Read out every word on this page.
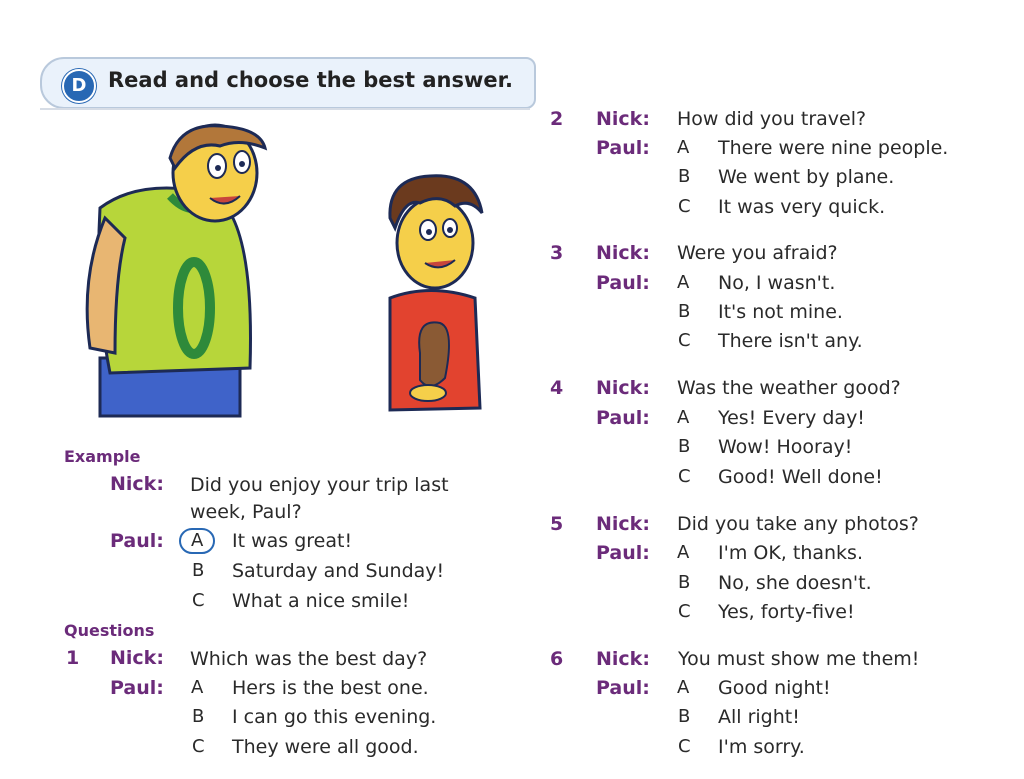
D	Read and choose the best answer.
Example
Nick: Did you enjoy your trip last
week, Paul?
Paul: A It was great!
B Saturday and Sunday!
C What a nice smile!
Questions
1 Nick: Which was the best day?
Paul: A Hers is the best one.
B I can go this evening.
C They were all good.
2 Nick: How did you travel?
Paul: A There were nine people.
B We went by plane.
C It was very quick.
3 Nick: Were you afraid?
Paul: A No, I wasn't.
B It's not mine.
C There isn't any.
4 Nick: Was the weather good?
Paul: A Yes! Every day!
B Wow! Hooray!
C Good! Well done!
5 Nick: Did you take any photos?
Paul: A I'm OK, thanks.
B No, she doesn't.
C Yes, forty-five!
6 Nick: You must show me them!
Paul: A Good night!
B All right!
C I'm sorry.
